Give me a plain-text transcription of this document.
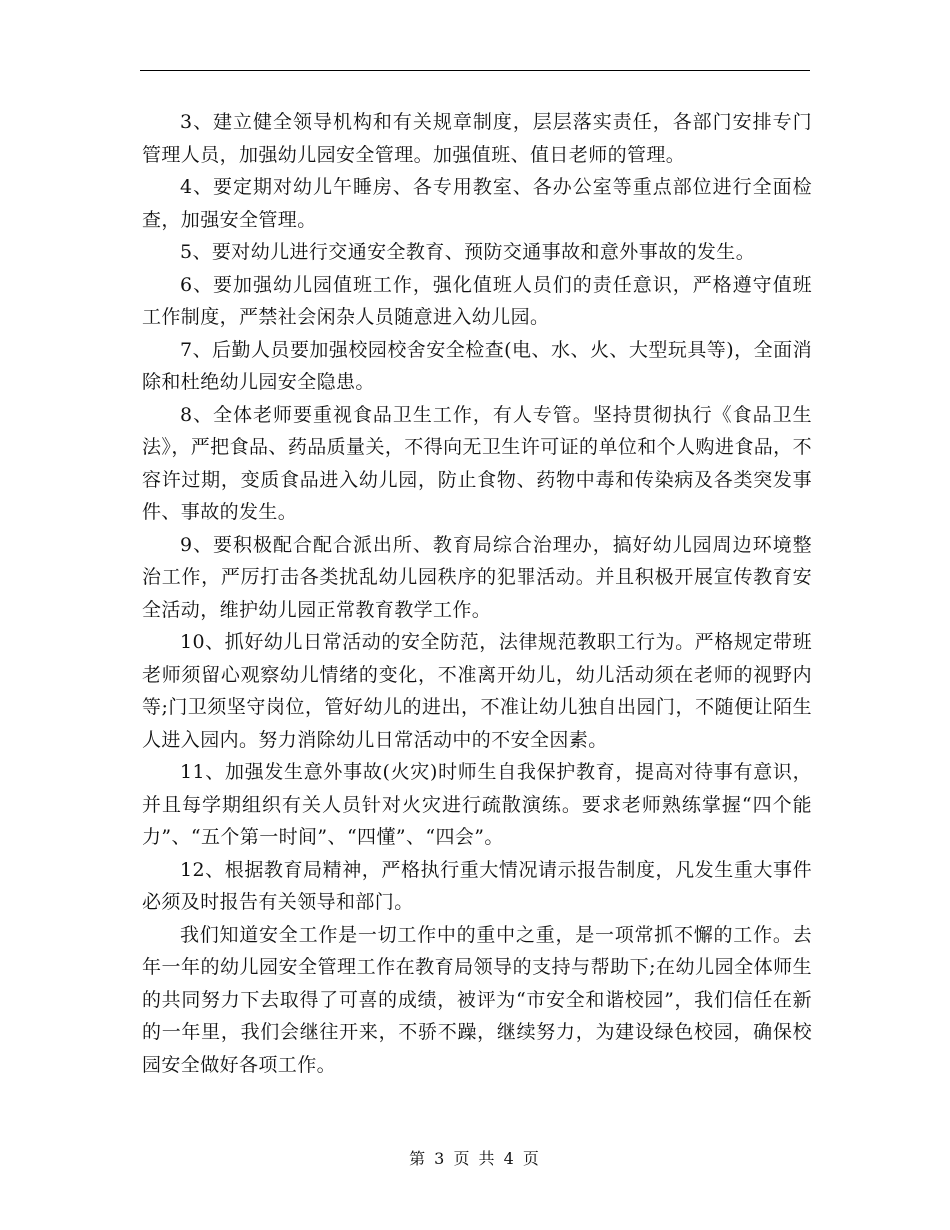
3、建立健全领导机构和有关规章制度，层层落实责任，各部门安排专门管理人员，加强幼儿园安全管理。加强值班、值日老师的管理。

4、要定期对幼儿午睡房、各专用教室、各办公室等重点部位进行全面检查，加强安全管理。

5、要对幼儿进行交通安全教育、预防交通事故和意外事故的发生。

6、要加强幼儿园值班工作，强化值班人员们的责任意识，严格遵守值班工作制度，严禁社会闲杂人员随意进入幼儿园。

7、后勤人员要加强校园校舍安全检查(电、水、火、大型玩具等)，全面消除和杜绝幼儿园安全隐患。

8、全体老师要重视食品卫生工作，有人专管。坚持贯彻执行《食品卫生法》，严把食品、药品质量关，不得向无卫生许可证的单位和个人购进食品，不容许过期，变质食品进入幼儿园，防止食物、药物中毒和传染病及各类突发事件、事故的发生。

9、要积极配合配合派出所、教育局综合治理办，搞好幼儿园周边环境整治工作，严厉打击各类扰乱幼儿园秩序的犯罪活动。并且积极开展宣传教育安全活动，维护幼儿园正常教育教学工作。

10、抓好幼儿日常活动的安全防范，法律规范教职工行为。严格规定带班老师须留心观察幼儿情绪的变化，不准离开幼儿，幼儿活动须在老师的视野内等;门卫须坚守岗位，管好幼儿的进出，不准让幼儿独自出园门，不随便让陌生人进入园内。努力消除幼儿日常活动中的不安全因素。

11、加强发生意外事故(火灾)时师生自我保护教育，提高对待事有意识，并且每学期组织有关人员针对火灾进行疏散演练。要求老师熟练掌握“四个能力”、“五个第一时间”、“四懂”、“四会”。

12、根据教育局精神，严格执行重大情况请示报告制度，凡发生重大事件必须及时报告有关领导和部门。

我们知道安全工作是一切工作中的重中之重，是一项常抓不懈的工作。去年一年的幼儿园安全管理工作在教育局领导的支持与帮助下;在幼儿园全体师生的共同努力下去取得了可喜的成绩，被评为“市安全和谐校园”，我们信任在新的一年里，我们会继往开来，不骄不躁，继续努力，为建设绿色校园，确保校园安全做好各项工作。

第 3 页 共 4 页
